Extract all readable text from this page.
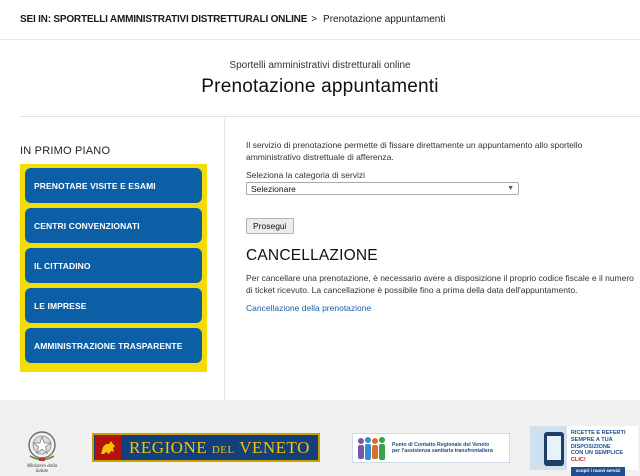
SEI IN: SPORTELLI AMMINISTRATIVI DISTRETTURALI ONLINE > Prenotazione appuntamenti
Sportelli amministrativi distretturali online
Prenotazione appuntamenti
IN PRIMO PIANO
PRENOTARE VISITE E ESAMI
CENTRI CONVENZIONATI
IL CITTADINO
LE IMPRESE
AMMINISTRAZIONE TRASPARENTE

Il servizio di prenotazione permette di fissare direttamente un appuntamento allo sportello amministrativo distrettuale di afferenza.

Seleziona la categoria di servizi
Selezionare	▼
Prosegui
CANCELLAZIONE

Per cancellare una prenotazione, è necessario avere a disposizione il proprio codice fiscale e il numero di ticket ricevuto. La cancellazione è possibile fino a prima della data dell'appuntamento.

Cancellazione della prenotazione
Ministero della Salute
REGIONE DEL VENETO	Punto di Contatto Regionale del Veneto
per l'assistenza sanitaria transfrontaliera
RICETTE E REFERTI
SEMPRE A TUA DISPOSIZIONE
CON UN SEMPLICE CLIC!
scopri i nuovi servizi
